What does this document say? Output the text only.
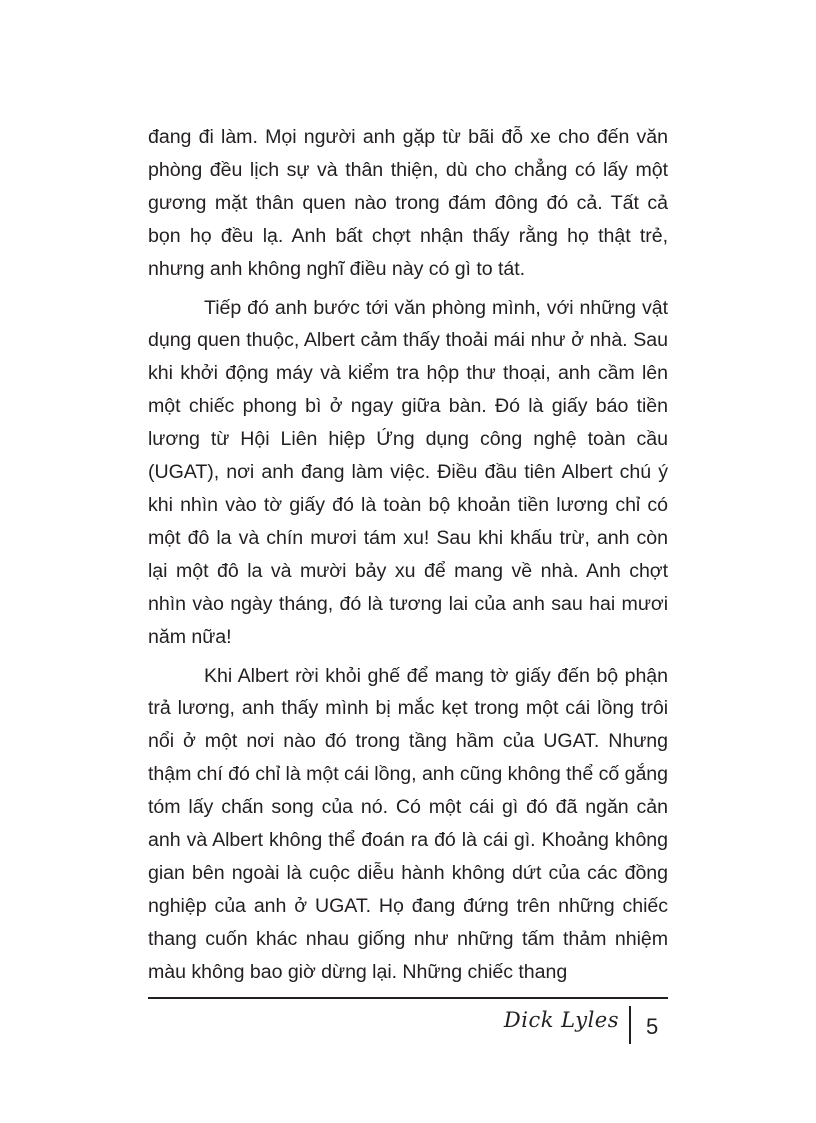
đang đi làm. Mọi người anh gặp từ bãi đỗ xe cho đến văn phòng đều lịch sự và thân thiện, dù cho chẳng có lấy một gương mặt thân quen nào trong đám đông đó cả. Tất cả bọn họ đều lạ. Anh bất chợt nhận thấy rằng họ thật trẻ, nhưng anh không nghĩ điều này có gì to tát.

Tiếp đó anh bước tới văn phòng mình, với những vật dụng quen thuộc, Albert cảm thấy thoải mái như ở nhà. Sau khi khởi động máy và kiểm tra hộp thư thoại, anh cầm lên một chiếc phong bì ở ngay giữa bàn. Đó là giấy báo tiền lương từ Hội Liên hiệp Ứng dụng công nghệ toàn cầu (UGAT), nơi anh đang làm việc. Điều đầu tiên Albert chú ý khi nhìn vào tờ giấy đó là toàn bộ khoản tiền lương chỉ có một đô la và chín mươi tám xu! Sau khi khấu trừ, anh còn lại một đô la và mười bảy xu để mang về nhà. Anh chợt nhìn vào ngày tháng, đó là tương lai của anh sau hai mươi năm nữa!

Khi Albert rời khỏi ghế để mang tờ giấy đến bộ phận trả lương, anh thấy mình bị mắc kẹt trong một cái lồng trôi nổi ở một nơi nào đó trong tầng hầm của UGAT. Nhưng thậm chí đó chỉ là một cái lồng, anh cũng không thể cố gắng tóm lấy chấn song của nó. Có một cái gì đó đã ngăn cản anh và Albert không thể đoán ra đó là cái gì. Khoảng không gian bên ngoài là cuộc diễu hành không dứt của các đồng nghiệp của anh ở UGAT. Họ đang đứng trên những chiếc thang cuốn khác nhau giống như những tấm thảm nhiệm màu không bao giờ dừng lại. Những chiếc thang

Dick Lyles 5
